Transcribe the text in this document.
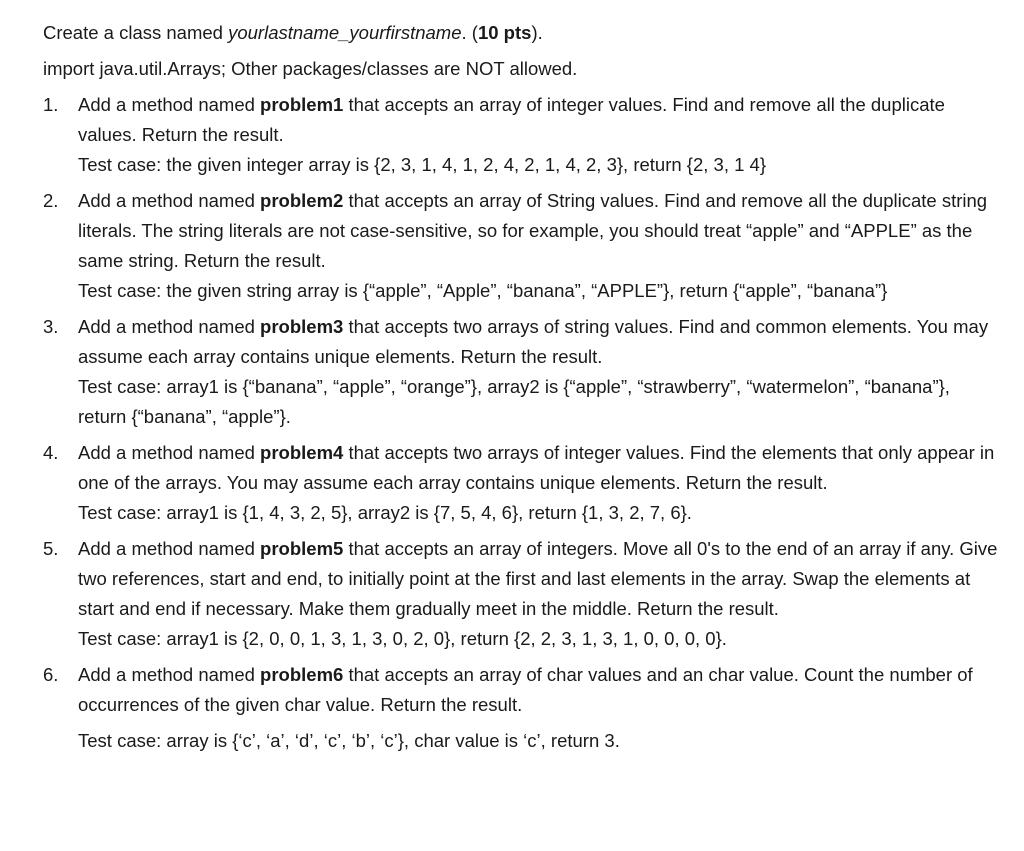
Create a class named yourlastname_yourfirstname. (10 pts).

import java.util.Arrays; Other packages/classes are NOT allowed.

1. Add a method named problem1 that accepts an array of integer values. Find and remove all the duplicate values. Return the result.

Test case: the given integer array is {2, 3, 1, 4, 1, 2, 4, 2, 1, 4, 2, 3}, return {2, 3, 1 4}

2. Add a method named problem2 that accepts an array of String values. Find and remove all the duplicate string literals. The string literals are not case-sensitive, so for example, you should treat “apple” and “APPLE” as the same string. Return the result.

Test case: the given string array is {“apple”, “Apple”, “banana”, “APPLE”}, return {“apple”, “banana”}

3. Add a method named problem3 that accepts two arrays of string values. Find and common elements. You may assume each array contains unique elements. Return the result.

Test case: array1 is {“banana”, “apple”, “orange”}, array2 is {“apple”, “strawberry”, “watermelon”, “banana”}, return {“banana”, “apple”}.

4. Add a method named problem4 that accepts two arrays of integer values. Find the elements that only appear in one of the arrays. You may assume each array contains unique elements. Return the result.

Test case: array1 is {1, 4, 3, 2, 5}, array2 is {7, 5, 4, 6}, return {1, 3, 2, 7, 6}.

5. Add a method named problem5 that accepts an array of integers. Move all 0's to the end of an array if any. Give two references, start and end, to initially point at the first and last elements in the array. Swap the elements at start and end if necessary. Make them gradually meet in the middle. Return the result.

Test case: array1 is {2, 0, 0, 1, 3, 1, 3, 0, 2, 0}, return {2, 2, 3, 1, 3, 1, 0, 0, 0, 0}.

6. Add a method named problem6 that accepts an array of char values and an char value. Count the number of occurrences of the given char value. Return the result.

Test case: array is {‘c’, ‘a’, ‘d’, ‘c’, ‘b’, ‘c’}, char value is ‘c’, return 3.
